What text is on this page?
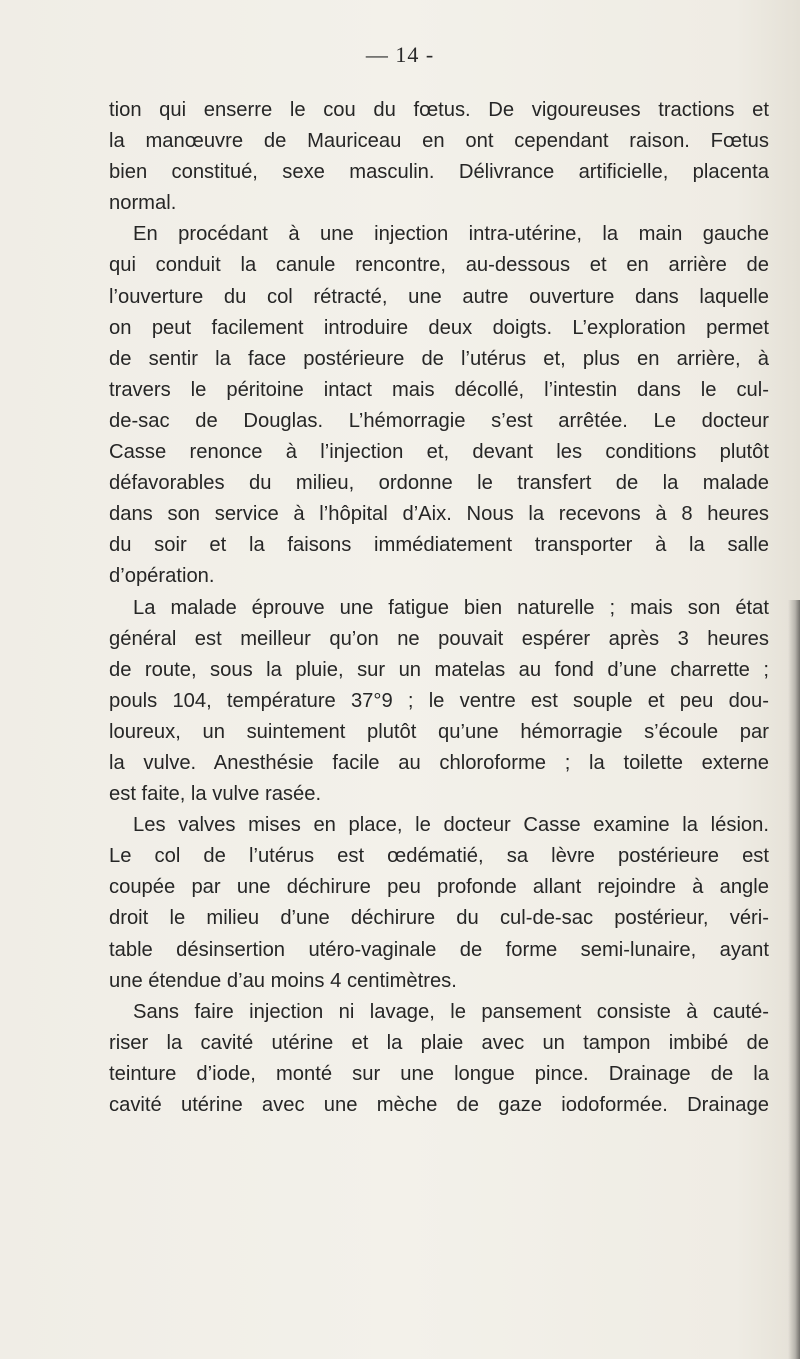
— 14 -
tion qui enserre le cou du fœtus. De vigoureuses tractions et
la manœuvre de Mauriceau en ont cependant raison. Fœtus
bien constitué, sexe masculin. Délivrance artificielle, placenta
normal.
En procédant à une injection intra-utérine, la main gauche
qui conduit la canule rencontre, au-dessous et en arrière de
l’ouverture du col rétracté, une autre ouverture dans laquelle
on peut facilement introduire deux doigts. L’exploration permet
de sentir la face postérieure de l’utérus et, plus en arrière, à
travers le péritoine intact mais décollé, l’intestin dans le cul-
de-sac de Douglas. L’hémorragie s’est arrêtée. Le docteur
Casse renonce à l’injection et, devant les conditions plutôt
défavorables du milieu, ordonne le transfert de la malade
dans son service à l’hôpital d’Aix. Nous la recevons à 8 heures
du soir et la faisons immédiatement transporter à la salle
d’opération.
La malade éprouve une fatigue bien naturelle ; mais son état
général est meilleur qu’on ne pouvait espérer après 3 heures
de route, sous la pluie, sur un matelas au fond d’une charrette ;
pouls 104, température 37°9 ; le ventre est souple et peu dou-
loureux, un suintement plutôt qu’une hémorragie s’écoule par
la vulve. Anesthésie facile au chloroforme ; la toilette externe
est faite, la vulve rasée.
Les valves mises en place, le docteur Casse examine la lésion.
Le col de l’utérus est œdématié, sa lèvre postérieure est
coupée par une déchirure peu profonde allant rejoindre à angle
droit le milieu d’une déchirure du cul-de-sac postérieur, véri-
table désinsertion utéro-vaginale de forme semi-lunaire, ayant
une étendue d’au moins 4 centimètres.
Sans faire injection ni lavage, le pansement consiste à cauté-
riser la cavité utérine et la plaie avec un tampon imbibé de
teinture d’iode, monté sur une longue pince. Drainage de la
cavité utérine avec une mèche de gaze iodoformée. Drainage
